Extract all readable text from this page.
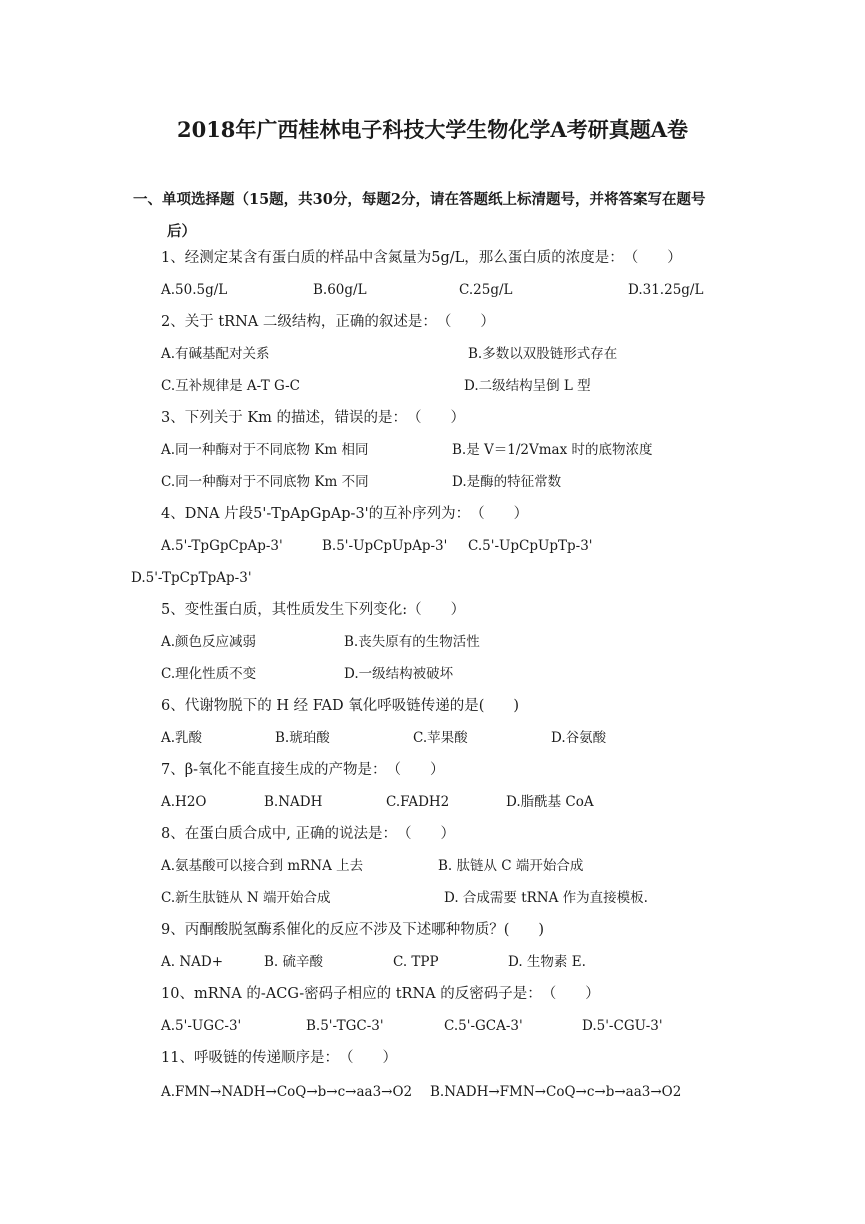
2018年广西桂林电子科技大学生物化学A考研真题A卷
一、单项选择题（15题，共30分，每题2分，请在答题纸上标清题号，并将答案写在题号
后）
1、经测定某含有蛋白质的样品中含氮量为5g/L，那么蛋白质的浓度是：　（　　）
A.50.5g/L	B.60g/L	C.25g/L	D.31.25g/L
2、关于 tRNA 二级结构，正确的叙述是：　（　　）
A.有碱基配对关系	B.多数以双股链形式存在
C.互补规律是 A-T G-C	D.二级结构呈倒 L 型
3、下列关于 Km 的描述，错误的是：　（　　）
A.同一种酶对于不同底物 Km 相同	B.是 V＝1/2Vmax 时的底物浓度
C.同一种酶对于不同底物 Km 不同	D.是酶的特征常数
4、DNA 片段5'-TpApGpAp-3'的互补序列为：　（　　）
A.5'-TpGpCpAp-3'	B.5'-UpCpUpAp-3' C.5'-UpCpUpTp-3'
D.5'-TpCpTpAp-3'
5、变性蛋白质，其性质发生下列变化:（　　）
A.颜色反应减弱	B.丧失原有的生物活性
C.理化性质不变	D.一级结构被破坏
6、代谢物脱下的 H 经 FAD 氧化呼吸链传递的是(　　)
A.乳酸	B.琥珀酸	C.苹果酸	D.谷氨酸
7、β-氧化不能直接生成的产物是：　（　　）
A.H2O	B.NADH	C.FADH2	D.脂酰基 CoA
8、在蛋白质合成中, 正确的说法是：　（　　）
A.氨基酸可以接合到 mRNA 上去	B. 肽链从 C 端开始合成
C.新生肽链从 N 端开始合成	D. 合成需要 tRNA 作为直接模板.
9、丙酮酸脱氢酶系催化的反应不涉及下述哪种物质？(　　)
A. NAD+	B. 硫辛酸	C. TPP	D. 生物素 E.
10、mRNA 的-ACG-密码子相应的 tRNA 的反密码子是：　（　　）
A.5'-UGC-3'	B.5'-TGC-3'	C.5'-GCA-3'	D.5'-CGU-3'
11、呼吸链的传递顺序是：　（　　）
A.FMN→NADH→CoQ→b→c→aa3→O2 B.NADH→FMN→CoQ→c→b→aa3→O2
